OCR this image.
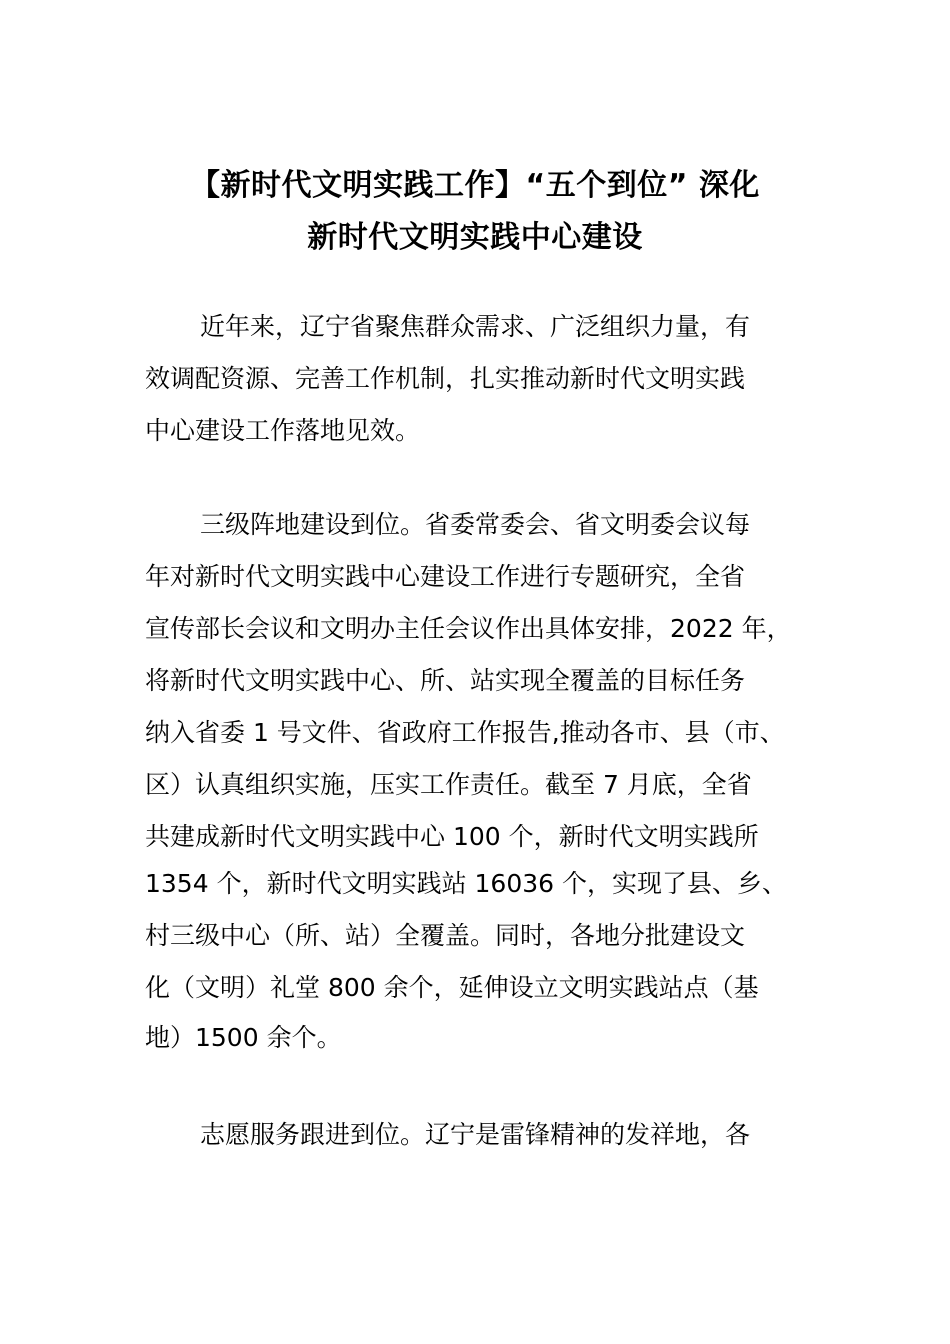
【新时代文明实践工作】“五个到位” 深化
新时代文明实践中心建设
近年来，辽宁省聚焦群众需求、广泛组织力量，有
效调配资源、完善工作机制，扎实推动新时代文明实践
中心建设工作落地见效。
三级阵地建设到位。省委常委会、省文明委会议每
年对新时代文明实践中心建设工作进行专题研究，全省
宣传部长会议和文明办主任会议作出具体安排，2022 年，
将新时代文明实践中心、所、站实现全覆盖的目标任务
纳入省委 1 号文件、省政府工作报告,推动各市、县（市、
区）认真组织实施，压实工作责任。截至 7 月底，全省
共建成新时代文明实践中心 100 个，新时代文明实践所
1354 个，新时代文明实践站 16036 个，实现了县、乡、
村三级中心（所、站）全覆盖。同时，各地分批建设文
化（文明）礼堂 800 余个，延伸设立文明实践站点（基
地）1500 余个。
志愿服务跟进到位。辽宁是雷锋精神的发祥地，各
